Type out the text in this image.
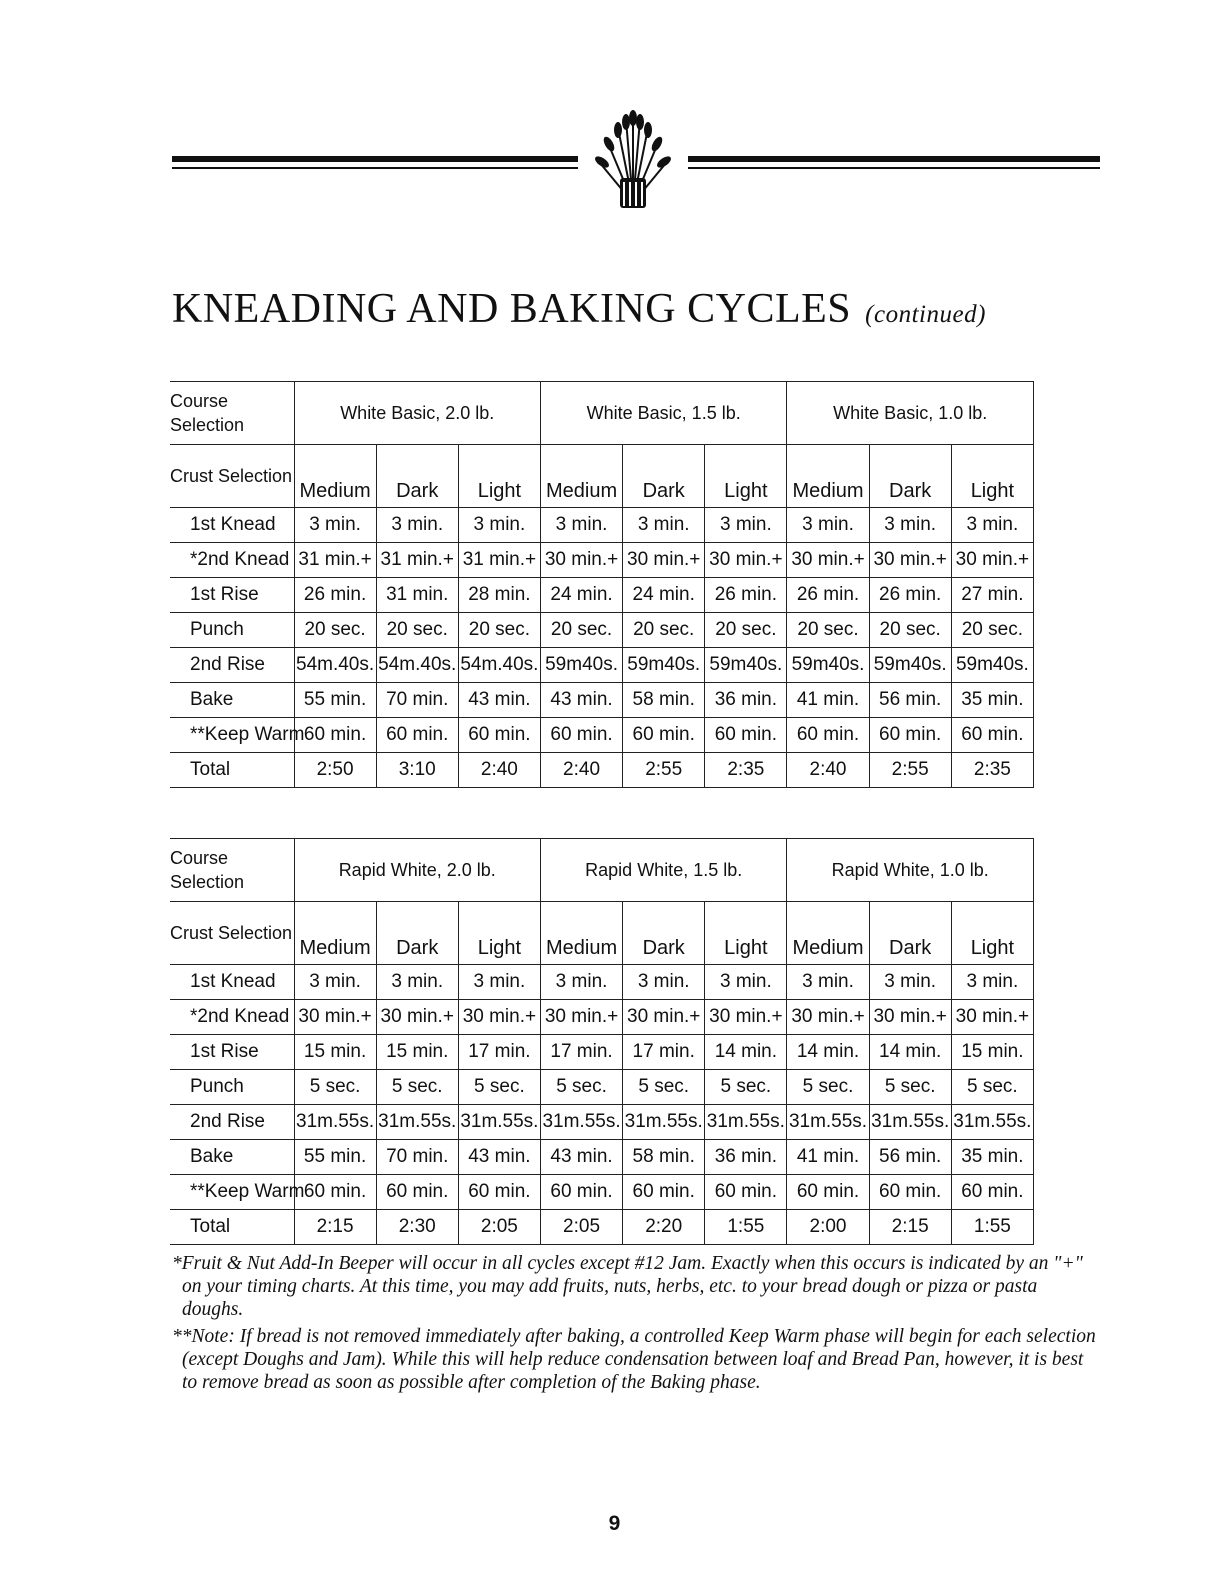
KNEADING AND BAKING CYCLES (continued)
Course Selection	White Basic, 2.0 lb.			White Basic, 1.5 lb.			White Basic, 1.0 lb.		
Crust Selection	Medium	Dark	Light	Medium	Dark	Light	Medium	Dark	Light
1st Knead	3 min.	3 min.	3 min.	3 min.	3 min.	3 min.	3 min.	3 min.	3 min.
*2nd Knead	31 min.+	31 min.+	31 min.+	30 min.+	30 min.+	30 min.+	30 min.+	30 min.+	30 min.+
1st Rise	26 min.	31 min.	28 min.	24 min.	24 min.	26 min.	26 min.	26 min.	27 min.
Punch	20 sec.	20 sec.	20 sec.	20 sec.	20 sec.	20 sec.	20 sec.	20 sec.	20 sec.
2nd Rise	54m.40s.	54m.40s.	54m.40s.	59m40s.	59m40s.	59m40s.	59m40s.	59m40s.	59m40s.
Bake	55 min.	70 min.	43 min.	43 min.	58 min.	36 min.	41 min.	56 min.	35 min.
**Keep Warm	60 min.	60 min.	60 min.	60 min.	60 min.	60 min.	60 min.	60 min.	60 min.
Total	2:50	3:10	2:40	2:40	2:55	2:35	2:40	2:55	2:35
Course Selection	Rapid White, 2.0 lb.			Rapid White, 1.5 lb.			Rapid White, 1.0 lb.		
Crust Selection	Medium	Dark	Light	Medium	Dark	Light	Medium	Dark	Light
1st Knead	3 min.	3 min.	3 min.	3 min.	3 min.	3 min.	3 min.	3 min.	3 min.
*2nd Knead	30 min.+	30 min.+	30 min.+	30 min.+	30 min.+	30 min.+	30 min.+	30 min.+	30 min.+
1st Rise	15 min.	15 min.	17 min.	17 min.	17 min.	14 min.	14 min.	14 min.	15 min.
Punch	5 sec.	5 sec.	5 sec.	5 sec.	5 sec.	5 sec.	5 sec.	5 sec.	5 sec.
2nd Rise	31m.55s.	31m.55s.	31m.55s.	31m.55s.	31m.55s.	31m.55s.	31m.55s.	31m.55s.	31m.55s.
Bake	55 min.	70 min.	43 min.	43 min.	58 min.	36 min.	41 min.	56 min.	35 min.
**Keep Warm	60 min.	60 min.	60 min.	60 min.	60 min.	60 min.	60 min.	60 min.	60 min.
Total	2:15	2:30	2:05	2:05	2:20	1:55	2:00	2:15	1:55

*Fruit & Nut Add-In Beeper will occur in all cycles except #12 Jam. Exactly when this occurs is indicated by an "+" on your timing charts. At this time, you may add fruits, nuts, herbs, etc. to your bread dough or pizza or pasta doughs.

**Note: If bread is not removed immediately after baking, a controlled Keep Warm phase will begin for each selection (except Doughs and Jam). While this will help reduce condensation between loaf and Bread Pan, however, it is best to remove bread as soon as possible after completion of the Baking phase.

9
